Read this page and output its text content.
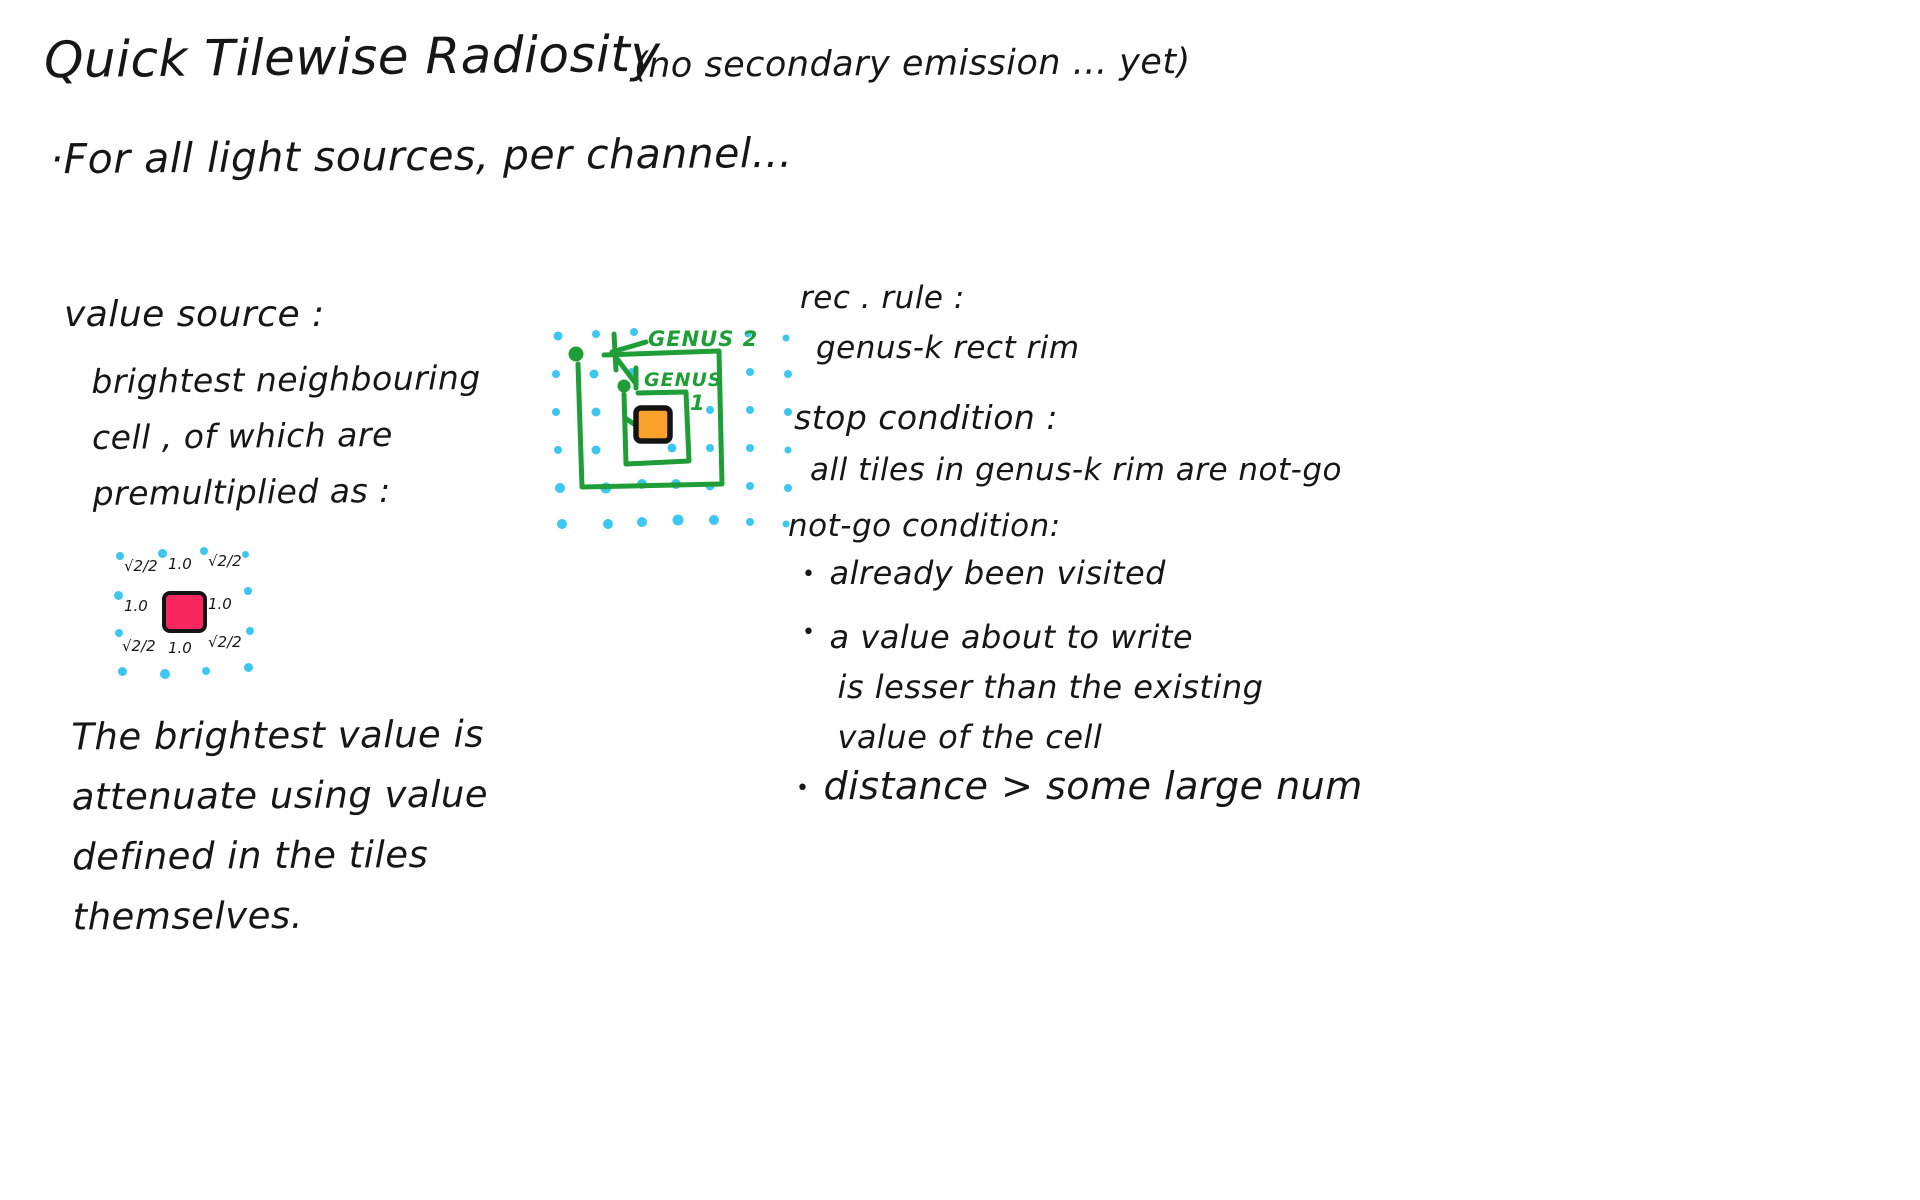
Quick Tilewise Radiosity
(no secondary emission ... yet)
·For all light sources, per channel...
value source :
brightest neighbouring
cell , of which are
premultiplied as :
√2/2 1.0 √2/2
1.0	1.0
√2/2 1.0 √2/2
The brightest value is
attenuate using value
defined in the tiles
themselves.
GENUS 2
GENUS
1
rec . rule :
genus-k rect rim
stop condition :
all tiles in genus-k rim are not-go
not-go condition:
• already been visited
• a value about to write
is lesser than the existing
value of the cell
• distance > some large num
